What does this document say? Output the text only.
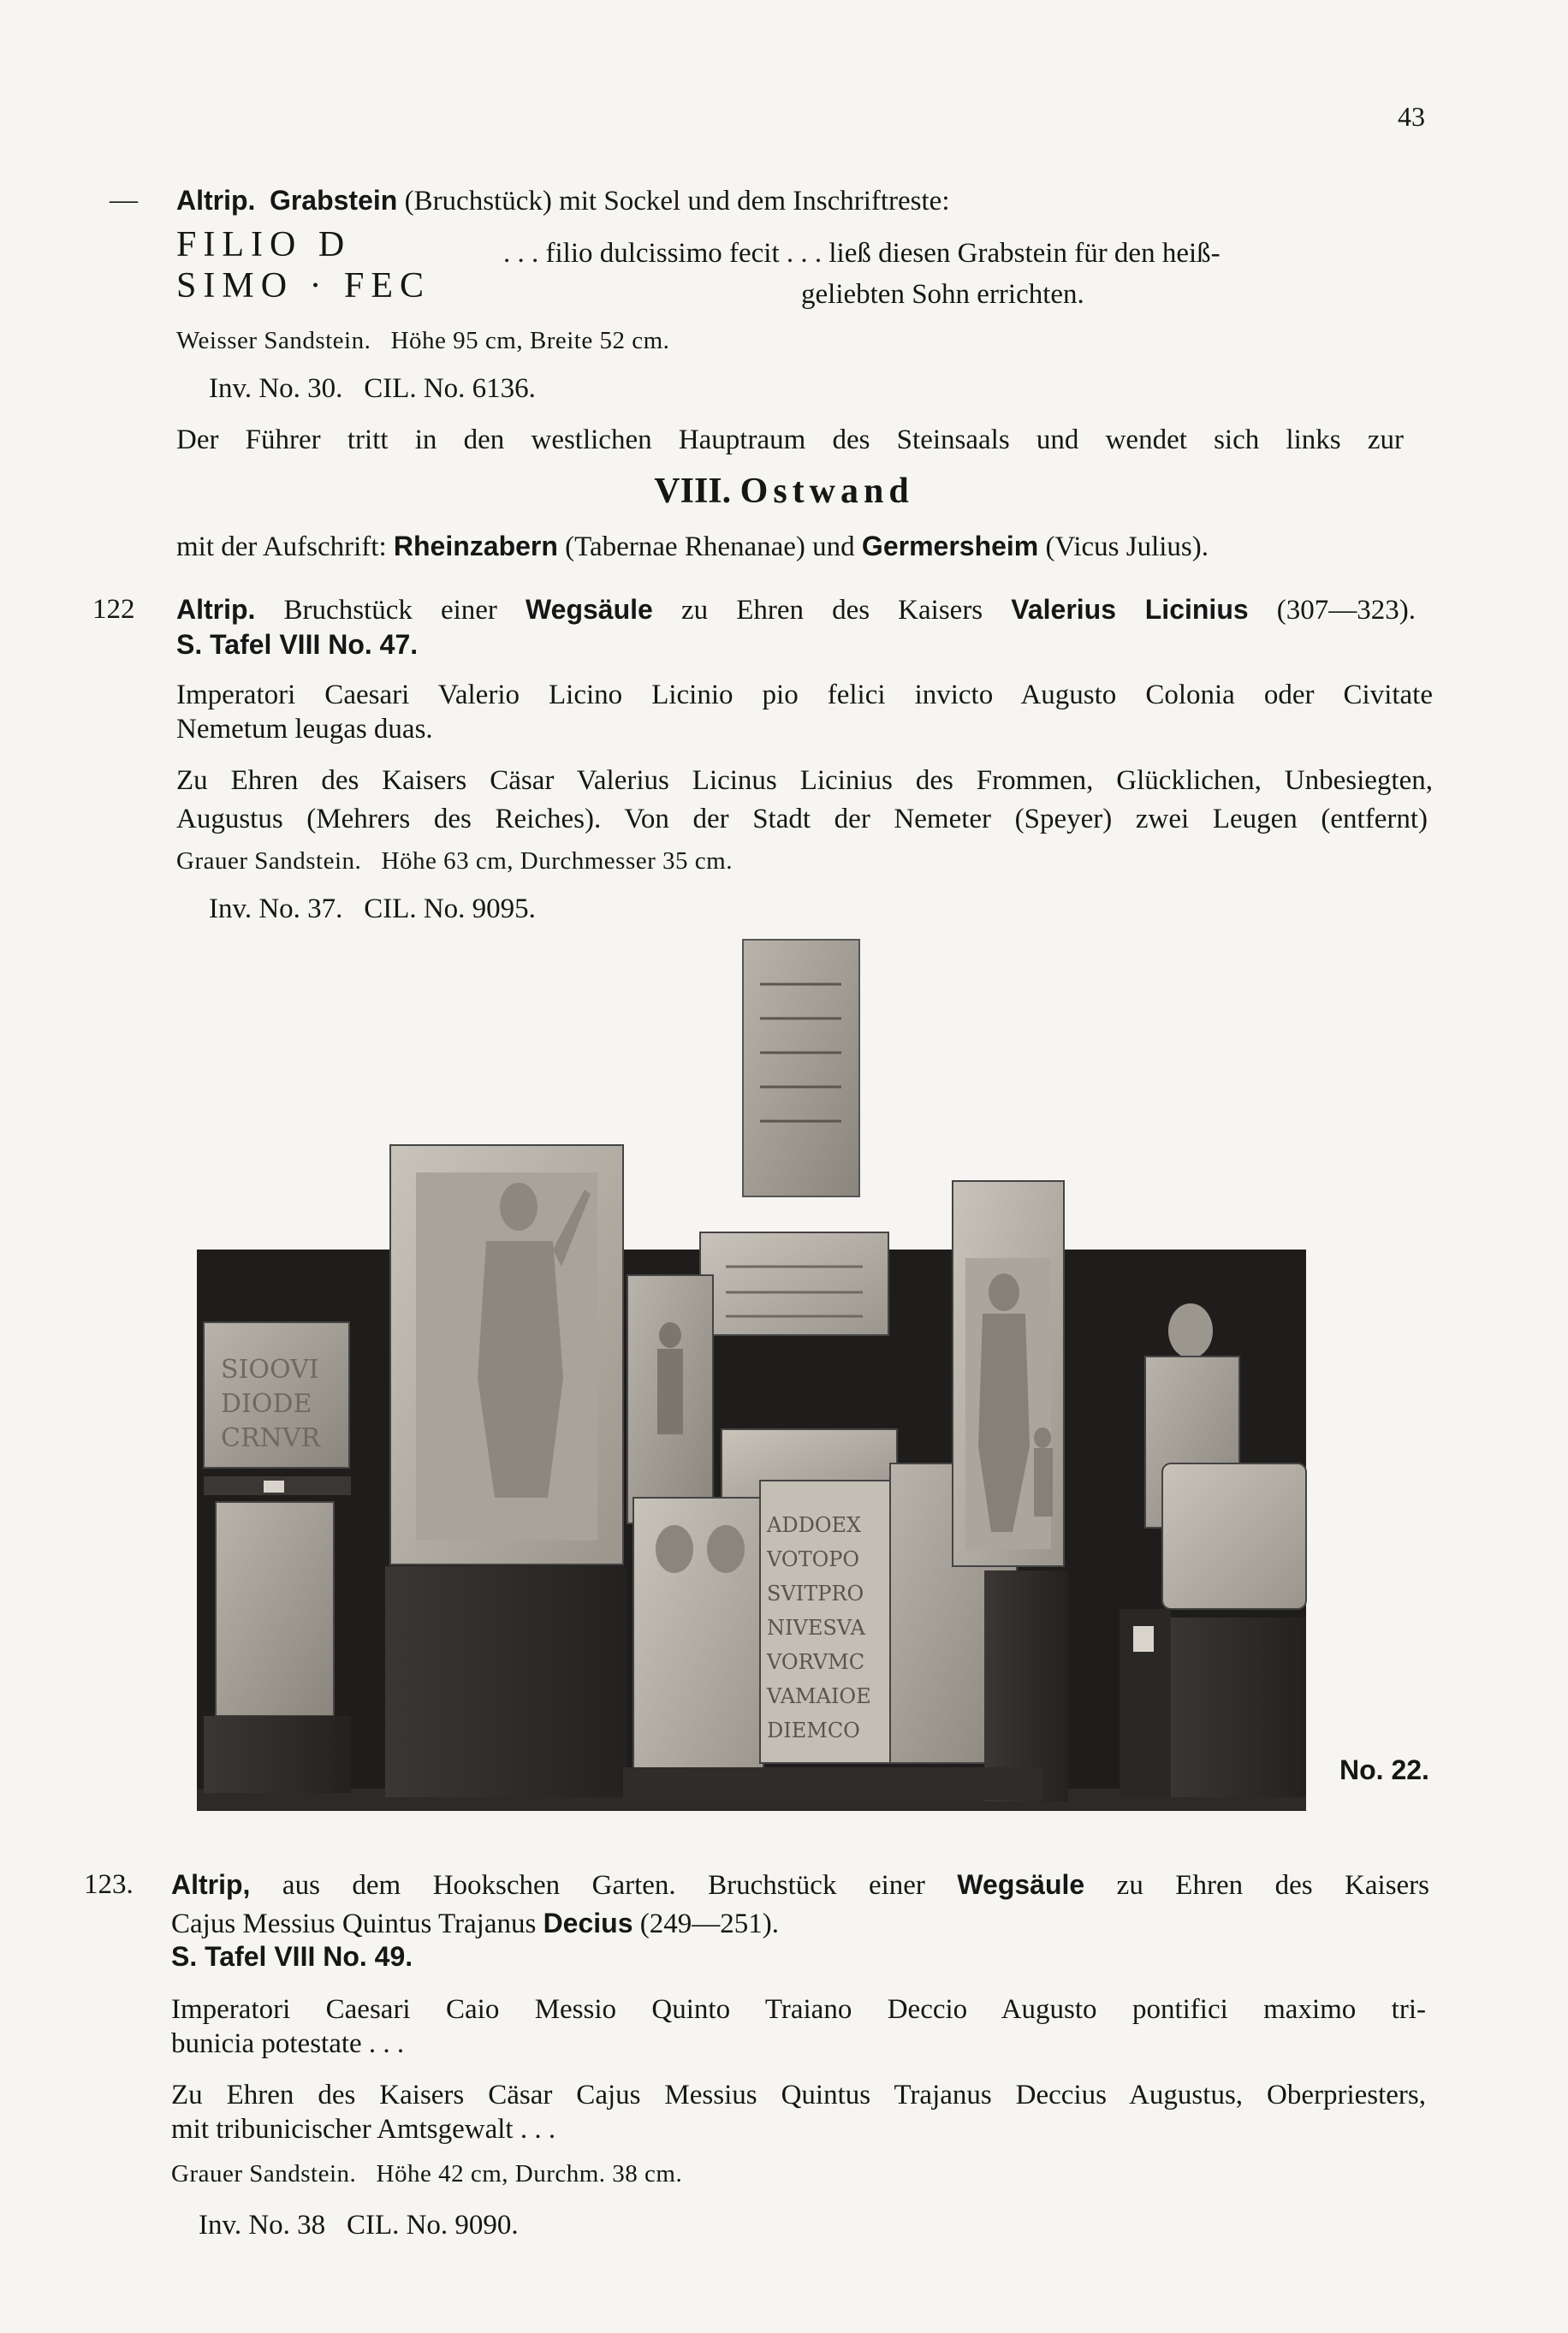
43
— Altrip. Grabstein (Bruchstück) mit Sockel und dem Inschriftreste:
FILIO D
SIMO · FEC
. . . filio dulcissimo fecit . . . ließ diesen Grabstein für den heiß-
geliebten Sohn errichten.
Weisser Sandstein. Höhe 95 cm, Breite 52 cm.
Inv. No. 30. CIL. No. 6136.
Der Führer tritt in den westlichen Hauptraum des Steinsaals und wendet sich links zur
VIII. Ostwand
mit der Aufschrift: Rheinzabern (Tabernae Rhenanae) und Germersheim (Vicus Julius).
122 Altrip. Bruchstück einer Wegsäule zu Ehren des Kaisers Valerius Licinius (307—323).
S. Tafel VIII No. 47.
Imperatori Caesari Valerio Licino Licinio pio felici invicto Augusto Colonia oder Civitate
Nemetum leugas duas.
Zu Ehren des Kaisers Cäsar Valerius Licinus Licinius des Frommen, Glücklichen, Unbesiegten,
Augustus (Mehrers des Reiches). Von der Stadt der Nemeter (Speyer) zwei Leugen (entfernt)
Grauer Sandstein. Höhe 63 cm, Durchmesser 35 cm.
Inv. No. 37. CIL. No. 9095.
SIOOVI
DIODE
CRNVR
ADDOEX
VOTOPO
SVITPRO
NIVESVA
VORVMC
VAMAIOE
DIEMCO
No. 22.
123. Altrip, aus dem Hookschen Garten. Bruchstück einer Wegsäule zu Ehren des Kaisers
Cajus Messius Quintus Trajanus Decius (249—251).
S. Tafel VIII No. 49.
Imperatori Caesari Caio Messio Quinto Traiano Deccio Augusto pontifici maximo tri-
bunicia potestate . . .
Zu Ehren des Kaisers Cäsar Cajus Messius Quintus Trajanus Deccius Augustus, Oberpriesters,
mit tribunicischer Amtsgewalt . . .
Grauer Sandstein. Höhe 42 cm, Durchm. 38 cm.
Inv. No. 38 CIL. No. 9090.
